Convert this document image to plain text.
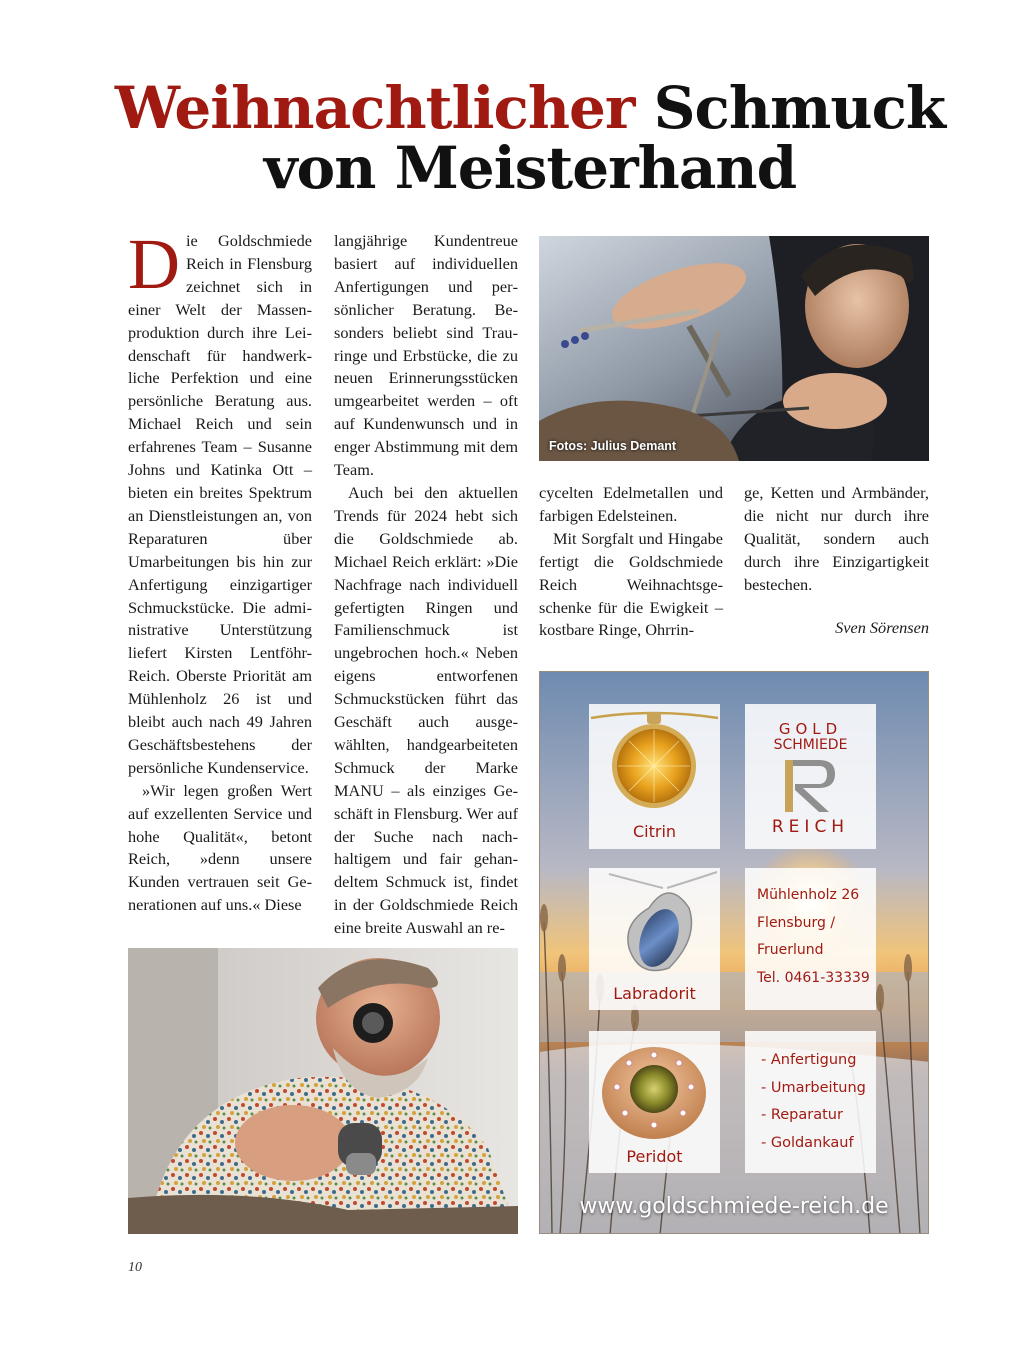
Weihnachtlicher Schmuck
von Meisterhand

Die Goldschmiede Reich in Flensburg zeichnet sich in einer Welt der Massenproduktion durch ihre Leidenschaft für handwerkliche Perfektion und eine persönliche Beratung aus. Michael Reich und sein erfahrenes Team – Susanne Johns und Katinka Ott – bieten ein breites Spektrum an Dienstleistungen an, von Reparaturen über Umarbeitungen bis hin zur Anfertigung einzigartiger Schmuckstücke. Die administrative Unterstützung liefert Kirsten Lentföhr-Reich. Oberste Priorität am Mühlenholz 26 ist und bleibt auch nach 49 Jahren Geschäftsbestehens der persönliche Kundenservice.

»Wir legen großen Wert auf exzellenten Service und hohe Qualität«, betont Reich, »denn unsere Kunden vertrauen seit Generationen auf uns.« Diese

langjährige Kundentreue basiert auf individuellen Anfertigungen und persönlicher Beratung. Besonders beliebt sind Trauringe und Erbstücke, die zu neuen Erinnerungsstücken umgearbeitet werden – oft auf Kundenwunsch und in enger Abstimmung mit dem Team.

Auch bei den aktuellen Trends für 2024 hebt sich die Goldschmiede ab. Michael Reich erklärt: »Die Nachfrage nach individuell gefertigten Ringen und Familienschmuck ist ungebrochen hoch.« Neben eigens entworfenen Schmuckstücken führt das Geschäft auch ausgewählten, handgearbeiteten Schmuck der Marke MANU – als einziges Geschäft in Flensburg. Wer auf der Suche nach nachhaltigem und fair gehandeltem Schmuck ist, findet in der Goldschmiede Reich eine breite Auswahl an re-

cycelten Edelmetallen und farbigen Edelsteinen.

Mit Sorgfalt und Hingabe fertigt die Goldschmiede Reich Weihnachtsgeschenke für die Ewigkeit – kostbare Ringe, Ohrrin-

ge, Ketten und Armbänder, die nicht nur durch ihre Qualität, sondern auch durch ihre Einzigartigkeit bestechen.

Sven Sörensen

Fotos: Julius Demant
Citrin
GOLD
SCHMIEDE
REICH
Labradorit
Mühlenholz 26
Flensburg /
Fruerlund
Tel. 0461-33339
Peridot
- Anfertigung
- Umarbeitung
- Reparatur
- Goldankauf
www.goldschmiede-reich.de
10
